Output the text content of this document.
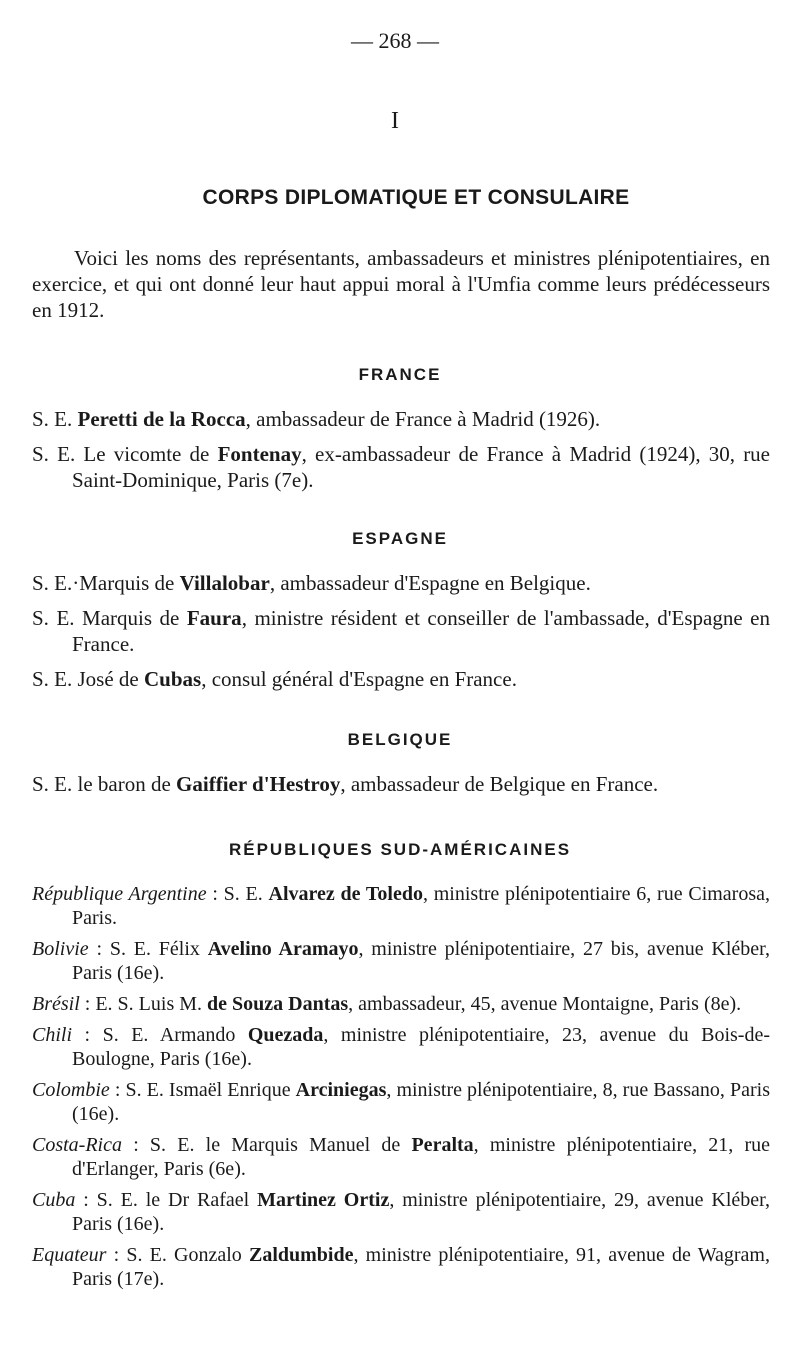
— 268 —
I
CORPS DIPLOMATIQUE ET CONSULAIRE
Voici les noms des représentants, ambassadeurs et ministres plénipotentiaires, en exercice, et qui ont donné leur haut appui moral à l'Umfia comme leurs prédécesseurs en 1912.
FRANCE
S. E. Peretti de la Rocca, ambassadeur de France à Madrid (1926).
S. E. Le vicomte de Fontenay, ex-ambassadeur de France à Madrid (1924), 30, rue Saint-Dominique, Paris (7e).
ESPAGNE
S. E.·Marquis de Villalobar, ambassadeur d'Espagne en Belgique.
S. E. Marquis de Faura, ministre résident et conseiller de l'ambassade, d'Espagne en France.
S. E. José de Cubas, consul général d'Espagne en France.
BELGIQUE
S. E. le baron de Gaiffier d'Hestroy, ambassadeur de Belgique en France.
RÉPUBLIQUES SUD-AMÉRICAINES
République Argentine : S. E. Alvarez de Toledo, ministre plénipotentiaire 6, rue Cimarosa, Paris.
Bolivie : S. E. Félix Avelino Aramayo, ministre plénipotentiaire, 27 bis, avenue Kléber, Paris (16e).
Brésil : E. S. Luis M. de Souza Dantas, ambassadeur, 45, avenue Montaigne, Paris (8e).
Chili : S. E. Armando Quezada, ministre plénipotentiaire, 23, avenue du Bois-de-Boulogne, Paris (16e).
Colombie : S. E. Ismaël Enrique Arciniegas, ministre plénipotentiaire, 8, rue Bassano, Paris (16e).
Costa-Rica : S. E. le Marquis Manuel de Peralta, ministre plénipotentiaire, 21, rue d'Erlanger, Paris (6e).
Cuba : S. E. le Dr Rafael Martinez Ortiz, ministre plénipotentiaire, 29, avenue Kléber, Paris (16e).
Equateur : S. E. Gonzalo Zaldumbide, ministre plénipotentiaire, 91, avenue de Wagram, Paris (17e).
